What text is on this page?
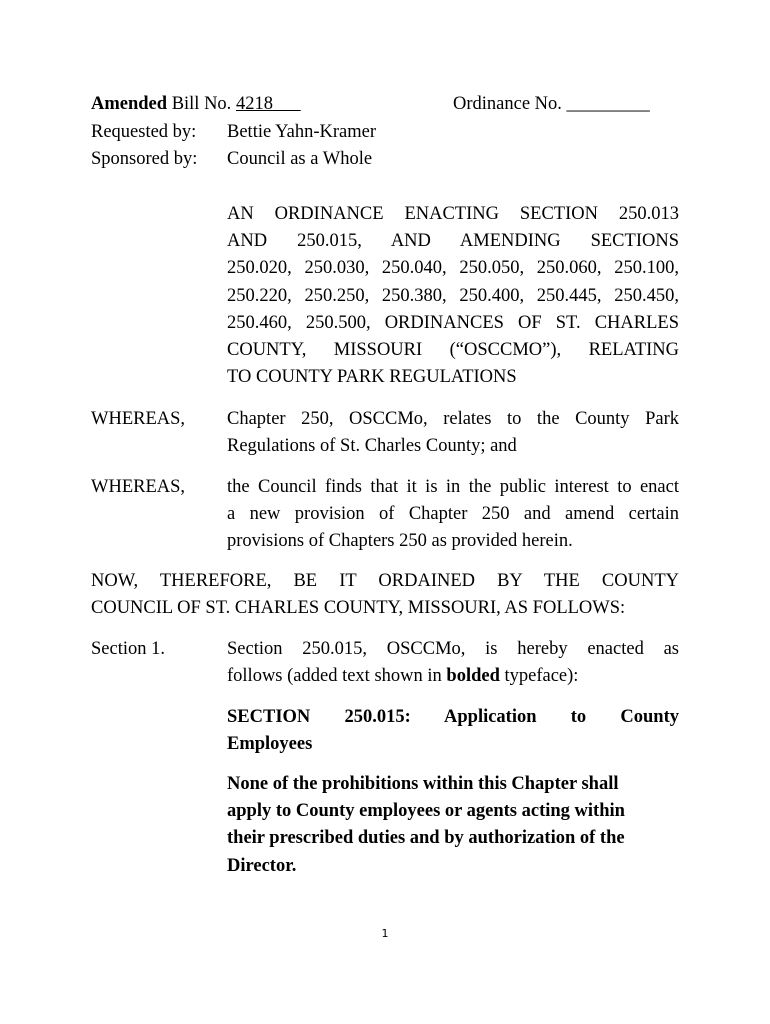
Amended Bill No. 4218	Ordinance No. _________
Requested by: Bettie Yahn-Kramer
Sponsored by: Council as a Whole
AN ORDINANCE ENACTING SECTION 250.013
AND 250.015, AND AMENDING SECTIONS
250.020, 250.030, 250.040, 250.050, 250.060, 250.100,
250.220, 250.250, 250.380, 250.400, 250.445, 250.450,
250.460, 250.500, ORDINANCES OF ST. CHARLES
COUNTY, MISSOURI (“OSCCMO”), RELATING
TO COUNTY PARK REGULATIONS
WHEREAS, Chapter 250, OSCCMo, relates to the County Park
Regulations of St. Charles County; and
WHEREAS, the Council finds that it is in the public interest to enact
a new provision of Chapter 250 and amend certain
provisions of Chapters 250 as provided herein.
NOW, THEREFORE, BE IT ORDAINED BY THE COUNTY
COUNCIL OF ST. CHARLES COUNTY, MISSOURI, AS FOLLOWS:
Section 1.	Section 250.015, OSCCMo, is hereby enacted as
follows (added text shown in bolded typeface):
SECTION 250.015: Application to County
Employees
None of the prohibitions within this Chapter shall
apply to County employees or agents acting within
their prescribed duties and by authorization of the
Director.
1
